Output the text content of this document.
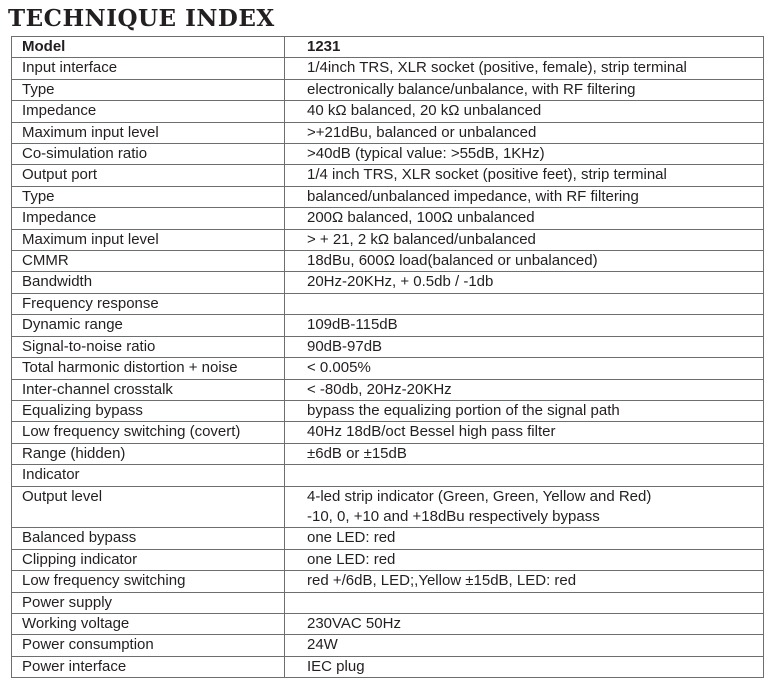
TECHNIQUE INDEX
Model	1231
Input interface	1/4inch TRS, XLR socket (positive, female), strip terminal
Type	electronically balance/unbalance, with RF filtering
Impedance	40 kΩ balanced, 20 kΩ unbalanced
Maximum input level	>+21dBu, balanced or unbalanced
Co-simulation ratio	>40dB (typical value: >55dB, 1KHz)
Output port	1/4 inch TRS, XLR socket (positive feet), strip terminal
Type	balanced/unbalanced impedance, with RF filtering
Impedance	200Ω balanced, 100Ω unbalanced
Maximum input level	> + 21, 2 kΩ balanced/unbalanced
CMMR	18dBu, 600Ω load(balanced or unbalanced)
Bandwidth	20Hz-20KHz, + 0.5db / -1db
Frequency response	
Dynamic range	109dB-115dB
Signal-to-noise ratio	90dB-97dB
Total harmonic distortion + noise	< 0.005%
Inter-channel crosstalk	< -80db, 20Hz-20KHz
Equalizing bypass	bypass the equalizing portion of the signal path
Low frequency switching (covert)	40Hz 18dB/oct Bessel high pass filter
Range (hidden)	±6dB or ±15dB
Indicator	
Output level	4-led strip indicator (Green, Green, Yellow and Red)
-10, 0, +10 and +18dBu respectively bypass

Balanced bypass	one LED: red
Clipping indicator	one LED: red
Low frequency switching	red +/6dB, LED;,Yellow ±15dB, LED: red
Power supply	
Working voltage	230VAC 50Hz
Power consumption	24W
Power interface	IEC plug
